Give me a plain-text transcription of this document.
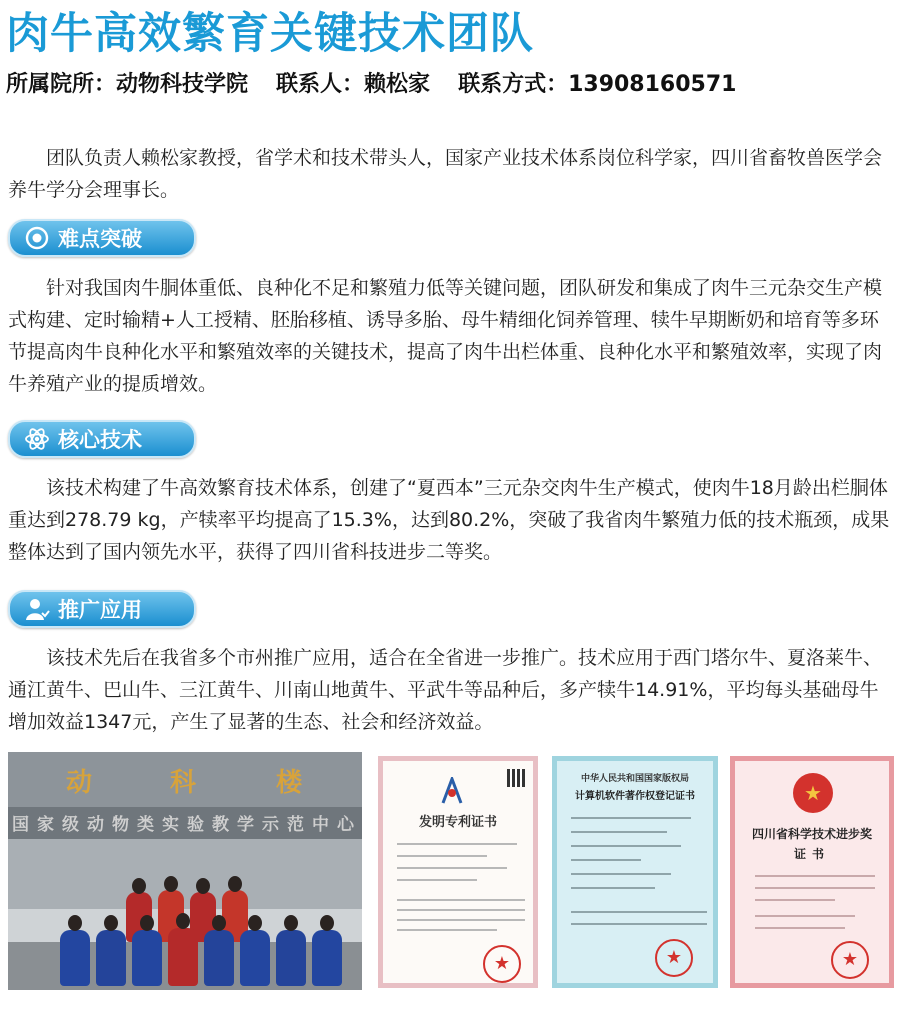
肉牛高效繁育关键技术团队
所属院所：动物科技学院 联系人：赖松家 联系方式：13908160571

团队负责人赖松家教授，省学术和技术带头人，国家产业技术体系岗位科学家，四川省畜牧兽医学会养牛学分会理事长。

难点突破

针对我国肉牛胴体重低、良种化不足和繁殖力低等关键问题，团队研发和集成了肉牛三元杂交生产模式构建、定时输精+人工授精、胚胎移植、诱导多胎、母牛精细化饲养管理、犊牛早期断奶和培育等多环节提高肉牛良种化水平和繁殖效率的关键技术，提高了肉牛出栏体重、良种化水平和繁殖效率，实现了肉牛养殖产业的提质增效。

核心技术

该技术构建了牛高效繁育技术体系，创建了“夏西本”三元杂交肉牛生产模式，使肉牛18月龄出栏胴体重达到278.79 kg，产犊率平均提高了15.3%，达到80.2%，突破了我省肉牛繁殖力低的技术瓶颈，成果整体达到了国内领先水平，获得了四川省科技进步二等奖。

推广应用

该技术先后在我省多个市州推广应用，适合在全省进一步推广。技术应用于西门塔尔牛、夏洛莱牛、通江黄牛、巴山牛、三江黄牛、川南山地黄牛、平武牛等品种后，多产犊牛14.91%，平均每头基础母牛增加效益1347元，产生了显著的生态、社会和经济效益。

动	科	楼
国家级动物类实验教学示范中心	发明专利证书
★
中华人民共和国国家版权局
计算机软件著作权登记证书
★	★
四川省科学技术进步奖
证书
★
